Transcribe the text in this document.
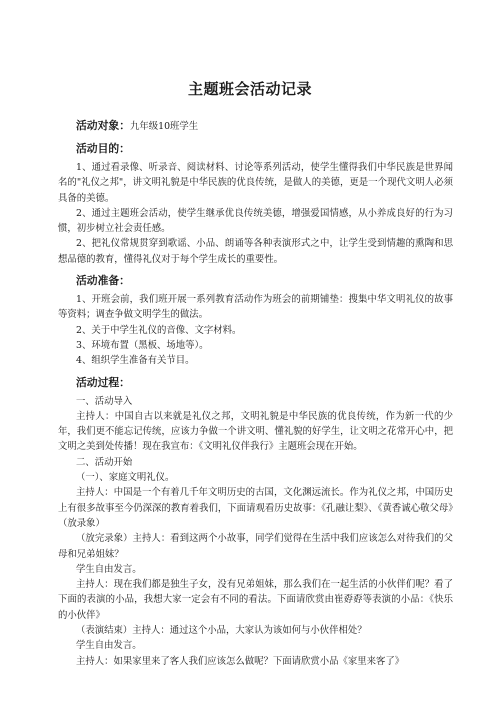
主题班会活动记录
活动对象：九年级10班学生
活动目的：

1、通过看录像、听录音、阅读材料、讨论等系列活动，使学生懂得我们中华民族是世界闻名的"礼仪之邦"，讲文明礼貌是中华民族的优良传统，是做人的美德，更是一个现代文明人必须具备的美德。

2、通过主题班会活动，使学生继承优良传统美德，增强爱国情感，从小养成良好的行为习惯，初步树立社会责任感。

2、把礼仪常规贯穿到歌谣、小品、朗诵等各种表演形式之中，让学生受到情趣的熏陶和思想品德的教育，懂得礼仪对于每个学生成长的重要性。

活动准备：

1、开班会前，我们班开展一系列教育活动作为班会的前期铺垫：搜集中华文明礼仪的故事等资料；调查争做文明学生的做法。

2、关于中学生礼仪的音像、文字材料。

3、环境布置（黑板、场地等）。

4、组织学生准备有关节目。

活动过程：

一、活动导入

主持人：中国自古以来就是礼仪之邦，文明礼貌是中华民族的优良传统，作为新一代的少年，我们更不能忘记传统，应该力争做一个讲文明、懂礼貌的好学生，让文明之花常开心中，把文明之美到处传播！现在我宣布：《文明礼仪伴我行》主题班会现在开始。

二、活动开始

（一）、家庭文明礼仪。

主持人：中国是一个有着几千年文明历史的古国，文化渊远流长。作为礼仪之邦，中国历史上有很多故事至今仍深深的教育着我们，下面请观看历史故事：《孔融让梨》、《黄香诚心敬父母》（放录象）

（放完录象）主持人：看到这两个小故事，同学们觉得在生活中我们应该怎么对待我们的父母和兄弟姐妹？

学生自由发言。

主持人：现在我们都是独生子女，没有兄弟姐妹，那么我们在一起生活的小伙伴们呢？看了下面的表演的小品，我想大家一定会有不同的看法。下面请欣赏由崔孬孬等表演的小品：《快乐的小伙伴》

（表演结束）主持人：通过这个小品，大家认为该如何与小伙伴相处？

学生自由发言。

主持人：如果家里来了客人我们应该怎么做呢？下面请欣赏小品《家里来客了》
